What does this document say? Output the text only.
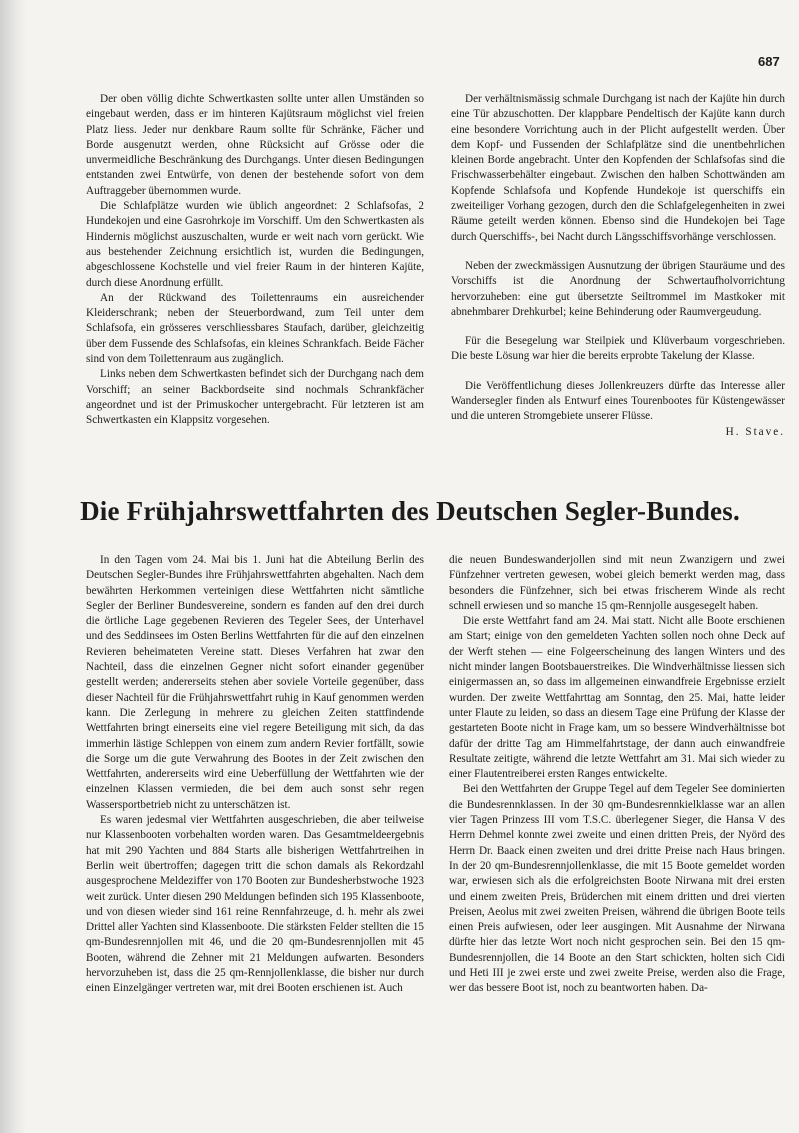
687

Der oben völlig dichte Schwertkasten sollte unter allen Umständen so eingebaut werden, dass er im hinteren Kajütsraum möglichst viel freien Platz liess. Jeder nur denkbare Raum sollte für Schränke, Fächer und Borde ausgenutzt werden, ohne Rücksicht auf Grösse oder die unvermeidliche Beschränkung des Durchgangs. Unter diesen Bedingungen entstanden zwei Entwürfe, von denen der bestehende sofort von dem Auftraggeber übernommen wurde.

Die Schlafplätze wurden wie üblich angeordnet: 2 Schlafsofas, 2 Hundekojen und eine Gasrohrkoje im Vorschiff. Um den Schwertkasten als Hindernis möglichst auszuschalten, wurde er weit nach vorn gerückt. Wie aus bestehender Zeichnung ersichtlich ist, wurden die Bedingungen, abgeschlossene Kochstelle und viel freier Raum in der hinteren Kajüte, durch diese Anordnung erfüllt.

An der Rückwand des Toilettenraums ein ausreichender Kleiderschrank; neben der Steuerbordwand, zum Teil unter dem Schlafsofa, ein grösseres verschliessbares Staufach, darüber, gleichzeitig über dem Fussende des Schlafsofas, ein kleines Schrankfach. Beide Fächer sind von dem Toilettenraum aus zugänglich.

Links neben dem Schwertkasten befindet sich der Durchgang nach dem Vorschiff; an seiner Backbordseite sind nochmals Schrankfächer angeordnet und ist der Primuskocher untergebracht. Für letzteren ist am Schwertkasten ein Klappsitz vorgesehen.

Der verhältnismässig schmale Durchgang ist nach der Kajüte hin durch eine Tür abzuschotten. Der klappbare Pendeltisch der Kajüte kann durch eine besondere Vorrichtung auch in der Plicht aufgestellt werden. Über dem Kopf- und Fussenden der Schlafplätze sind die unentbehrlichen kleinen Borde angebracht. Unter den Kopfenden der Schlafsofas sind die Frischwasserbehälter eingebaut. Zwischen den halben Schottwänden am Kopfende Schlafsofa und Kopfende Hundekoje ist querschiffs ein zweiteiliger Vorhang gezogen, durch den die Schlafgelegenheiten in zwei Räume geteilt werden können. Ebenso sind die Hundekojen bei Tage durch Querschiffs-, bei Nacht durch Längsschiffsvorhänge verschlossen.

Neben der zweckmässigen Ausnutzung der übrigen Stauräume und des Vorschiffs ist die Anordnung der Schwertaufholvorrichtung hervorzuheben: eine gut übersetzte Seiltrommel im Mastkoker mit abnehmbarer Drehkurbel; keine Behinderung oder Raumvergeudung.

Für die Besegelung war Steilpiek und Klüverbaum vorgeschrieben. Die beste Lösung war hier die bereits erprobte Takelung der Klasse.

Die Veröffentlichung dieses Jollenkreuzers dürfte das Interesse aller Wandersegler finden als Entwurf eines Tourenbootes für Küstengewässer und die unteren Stromgebiete unserer Flüsse.

H. Stave.

Die Frühjahrswettfahrten des Deutschen Segler-Bundes.

In den Tagen vom 24. Mai bis 1. Juni hat die Abteilung Berlin des Deutschen Segler-Bundes ihre Frühjahrswettfahrten abgehalten. Nach dem bewährten Herkommen verteinigen diese Wettfahrten nicht sämtliche Segler der Berliner Bundesvereine, sondern es fanden auf den drei durch die örtliche Lage gegebenen Revieren des Tegeler Sees, der Unterhavel und des Seddinsees im Osten Berlins Wettfahrten für die auf den einzelnen Revieren beheimateten Vereine statt. Dieses Verfahren hat zwar den Nachteil, dass die einzelnen Gegner nicht sofort einander gegenüber gestellt werden; andererseits stehen aber soviele Vorteile gegenüber, dass dieser Nachteil für die Frühjahrswettfahrt ruhig in Kauf genommen werden kann. Die Zerlegung in mehrere zu gleichen Zeiten stattfindende Wettfahrten bringt einerseits eine viel regere Beteiligung mit sich, da das immerhin lästige Schleppen von einem zum andern Revier fortfällt, sowie die Sorge um die gute Verwahrung des Bootes in der Zeit zwischen den Wettfahrten, andererseits wird eine Ueberfüllung der Wettfahrten wie der einzelnen Klassen vermieden, die bei dem auch sonst sehr regen Wassersportbetrieb nicht zu unterschätzen ist.

Es waren jedesmal vier Wettfahrten ausgeschrieben, die aber teilweise nur Klassenbooten vorbehalten worden waren. Das Gesamtmeldeergebnis hat mit 290 Yachten und 884 Starts alle bisherigen Wettfahrtreihen in Berlin weit übertroffen; dagegen tritt die schon damals als Rekordzahl ausgesprochene Meldeziffer von 170 Booten zur Bundesherbstwoche 1923 weit zurück. Unter diesen 290 Meldungen befinden sich 195 Klassenboote, und von diesen wieder sind 161 reine Rennfahrzeuge, d. h. mehr als zwei Drittel aller Yachten sind Klassenboote. Die stärksten Felder stellten die 15 qm-Bundesrennjollen mit 46, und die 20 qm-Bundesrennjollen mit 45 Booten, während die Zehner mit 21 Meldungen aufwarten. Besonders hervorzuheben ist, dass die 25 qm-Rennjollenklasse, die bisher nur durch einen Einzelgänger vertreten war, mit drei Booten erschienen ist. Auch

die neuen Bundeswanderjollen sind mit neun Zwanzigern und zwei Fünfzehner vertreten gewesen, wobei gleich bemerkt werden mag, dass besonders die Fünfzehner, sich bei etwas frischerem Winde als recht schnell erwiesen und so manche 15 qm-Rennjolle ausgesegelt haben.

Die erste Wettfahrt fand am 24. Mai statt. Nicht alle Boote erschienen am Start; einige von den gemeldeten Yachten sollen noch ohne Deck auf der Werft stehen — eine Folgeerscheinung des langen Winters und des nicht minder langen Bootsbauerstreikes. Die Windverhältnisse liessen sich einigermassen an, so dass im allgemeinen einwandfreie Ergebnisse erzielt wurden. Der zweite Wettfahrttag am Sonntag, den 25. Mai, hatte leider unter Flaute zu leiden, so dass an diesem Tage eine Prüfung der Klasse der gestarteten Boote nicht in Frage kam, um so bessere Windverhältnisse bot dafür der dritte Tag am Himmelfahrtstage, der dann auch einwandfreie Resultate zeitigte, während die letzte Wettfahrt am 31. Mai sich wieder zu einer Flautentreiberei ersten Ranges entwickelte.

Bei den Wettfahrten der Gruppe Tegel auf dem Tegeler See dominierten die Bundesrennklassen. In der 30 qm-Bundesrennkielklasse war an allen vier Tagen Prinzess III vom T.S.C. überlegener Sieger, die Hansa V des Herrn Dehmel konnte zwei zweite und einen dritten Preis, der Nyörd des Herrn Dr. Baack einen zweiten und drei dritte Preise nach Haus bringen. In der 20 qm-Bundesrennjollenklasse, die mit 15 Boote gemeldet worden war, erwiesen sich als die erfolgreichsten Boote Nirwana mit drei ersten und einem zweiten Preis, Brüderchen mit einem dritten und drei vierten Preisen, Aeolus mit zwei zweiten Preisen, während die übrigen Boote teils einen Preis aufwiesen, oder leer ausgingen. Mit Ausnahme der Nirwana dürfte hier das letzte Wort noch nicht gesprochen sein. Bei den 15 qm-Bundesrennjollen, die 14 Boote an den Start schickten, holten sich Cidi und Heti III je zwei erste und zwei zweite Preise, werden also die Frage, wer das bessere Boot ist, noch zu beantworten haben. Da-
